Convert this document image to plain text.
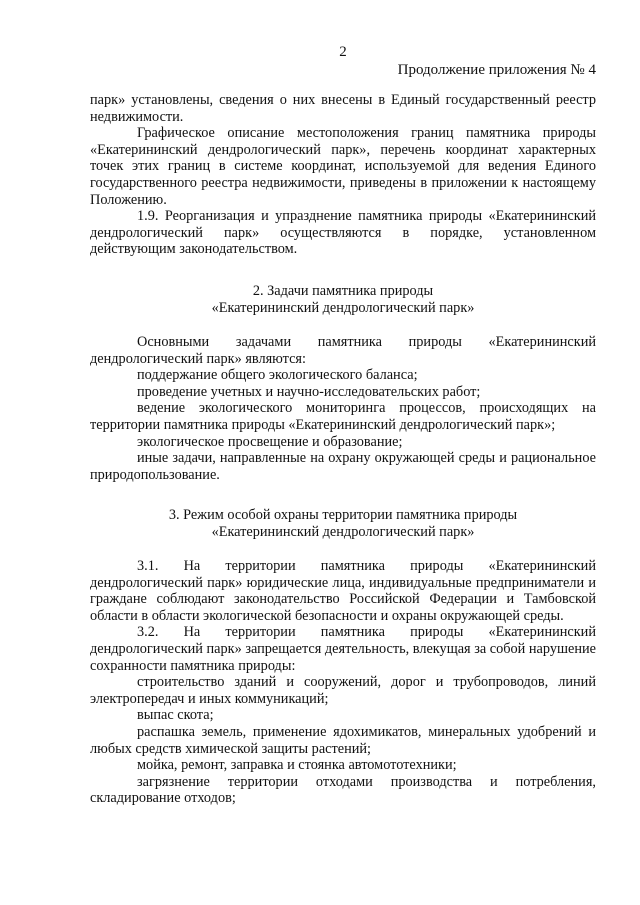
2
Продолжение приложения № 4

парк» установлены, сведения о них внесены в Единый государственный реестр недвижимости.

Графическое описание местоположения границ памятника природы «Екатерининский дендрологический парк», перечень координат характерных точек этих границ в системе координат, используемой для ведения Единого государственного реестра недвижимости, приведены в приложении к настоящему Положению.

1.9. Реорганизация и упразднение памятника природы «Екатерининский дендрологический парк» осуществляются в порядке, установленном действующим законодательством.

2. Задачи памятника природы
«Екатерининский дендрологический парк»

Основными задачами памятника природы «Екатерининский дендрологический парк» являются:

поддержание общего экологического баланса;

проведение учетных и научно-исследовательских работ;

ведение экологического мониторинга процессов, происходящих на территории памятника природы «Екатерининский дендрологический парк»;

экологическое просвещение и образование;

иные задачи, направленные на охрану окружающей среды и рациональное природопользование.

3. Режим особой охраны территории памятника природы
«Екатерининский дендрологический парк»

3.1. На территории памятника природы «Екатерининский дендрологический парк» юридические лица, индивидуальные предприниматели и граждане соблюдают законодательство Российской Федерации и Тамбовской области в области экологической безопасности и охраны окружающей среды.

3.2. На территории памятника природы «Екатерининский дендрологический парк» запрещается деятельность, влекущая за собой нарушение сохранности памятника природы:

строительство зданий и сооружений, дорог и трубопроводов, линий электропередач и иных коммуникаций;

выпас скота;

распашка земель, применение ядохимикатов, минеральных удобрений и любых средств химической защиты растений;

мойка, ремонт, заправка и стоянка автомототехники;

загрязнение территории отходами производства и потребления, складирование отходов;
